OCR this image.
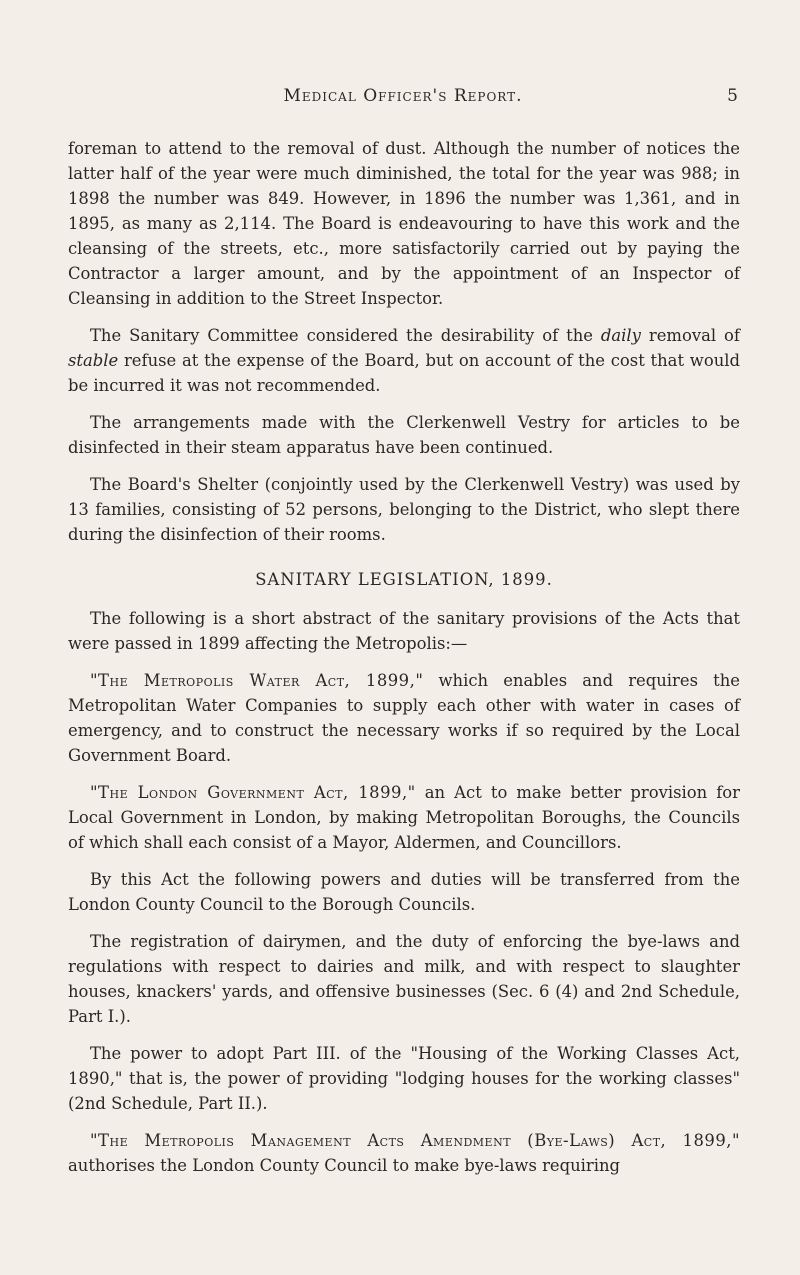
Medical Officer's Report.	5

foreman to attend to the removal of dust. Although the number of notices the latter half of the year were much diminished, the total for the year was 988; in 1898 the number was 849. However, in 1896 the number was 1,361, and in 1895, as many as 2,114. The Board is endeavouring to have this work and the cleansing of the streets, etc., more satisfactorily carried out by paying the Contractor a larger amount, and by the appointment of an Inspector of Cleansing in addition to the Street Inspector.

The Sanitary Committee considered the desirability of the daily removal of stable refuse at the expense of the Board, but on account of the cost that would be incurred it was not recommended.

The arrangements made with the Clerkenwell Vestry for articles to be disinfected in their steam apparatus have been continued.

The Board's Shelter (conjointly used by the Clerkenwell Vestry) was used by 13 families, consisting of 52 persons, belonging to the District, who slept there during the disinfection of their rooms.

SANITARY LEGISLATION, 1899.

The following is a short abstract of the sanitary provisions of the Acts that were passed in 1899 affecting the Metropolis:—

"The Metropolis Water Act, 1899," which enables and requires the Metropolitan Water Companies to supply each other with water in cases of emergency, and to construct the necessary works if so required by the Local Government Board.

"The London Government Act, 1899," an Act to make better provision for Local Government in London, by making Metropolitan Boroughs, the Councils of which shall each consist of a Mayor, Aldermen, and Councillors.

By this Act the following powers and duties will be transferred from the London County Council to the Borough Councils.

The registration of dairymen, and the duty of enforcing the bye-laws and regulations with respect to dairies and milk, and with respect to slaughter houses, knackers' yards, and offensive businesses (Sec. 6 (4) and 2nd Schedule, Part I.).

The power to adopt Part III. of the "Housing of the Working Classes Act, 1890," that is, the power of providing "lodging houses for the working classes" (2nd Schedule, Part II.).

"The Metropolis Management Acts Amendment (Bye-Laws) Act, 1899," authorises the London County Council to make bye-laws requiring
